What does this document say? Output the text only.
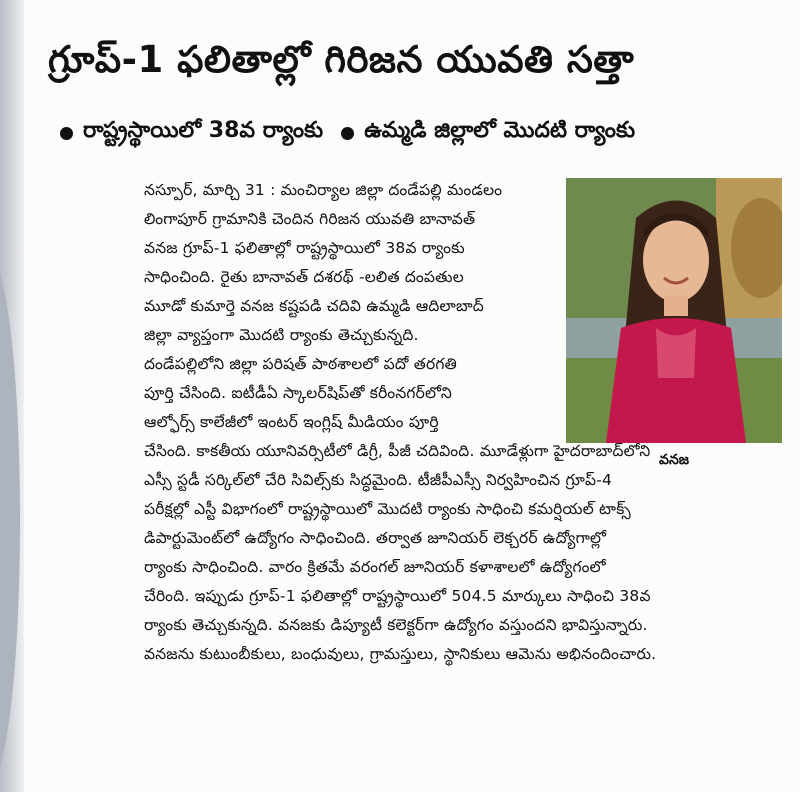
గ్రూప్-1 ఫలితాల్లో గిరిజన యువతి సత్తా
రాష్ట్రస్థాయిలో 38వ ర్యాంకు ఉమ్మడి జిల్లాలో మొదటి ర్యాంకు
వనజ
నస్పూర్, మార్చి 31 : మంచిర్యాల జిల్లా దండేపల్లి మండలం
లింగాపూర్ గ్రామానికి చెందిన గిరిజన యువతి బానావత్
వనజ గ్రూప్-1 ఫలితాల్లో రాష్ట్రస్థాయిలో 38వ ర్యాంకు
సాధించింది. రైతు బానావత్ దశరథ్ -లలిత దంపతుల
మూడో కుమార్తె వనజ కష్టపడి చదివి ఉమ్మడి ఆదిలాబాద్
జిల్లా వ్యాప్తంగా మొదటి ర్యాంకు తెచ్చుకున్నది.
దండేపల్లిలోని జిల్లా పరిషత్ పాఠశాలలో పదో తరగతి
పూర్తి చేసింది. ఐటీడీఏ స్కాలర్‌షిప్‌తో కరీంనగర్‌లోని
ఆల్ఫోర్స్ కాలేజీలో ఇంటర్ ఇంగ్లిష్ మీడియం పూర్తి
చేసింది. కాకతీయ యూనివర్సిటీలో డిగ్రీ, పీజీ చదివింది. మూడేళ్లుగా హైదరాబాద్‌లోని
ఎస్సీ స్టడీ సర్కిల్‌లో చేరి సివిల్స్‌కు సిద్ధమైంది. టీజీపీఎస్సీ నిర్వహించిన గ్రూప్-4
పరీక్షల్లో ఎస్టీ విభాగంలో రాష్ట్రస్థాయిలో మొదటి ర్యాంకు సాధించి కమర్షియల్ టాక్స్
డిపార్టుమెంట్‌లో ఉద్యోగం సాధించింది. తర్వాత జూనియర్ లెక్చరర్ ఉద్యోగాల్లో
ర్యాంకు సాధించింది. వారం క్రితమే వరంగల్ జూనియర్ కళాశాలలో ఉద్యోగంలో
చేరింది. ఇప్పుడు గ్రూప్-1 ఫలితాల్లో రాష్ట్రస్థాయిలో 504.5 మార్కులు సాధించి 38వ
ర్యాంకు తెచ్చుకున్నది. వనజకు డిప్యూటీ కలెక్టర్‌గా ఉద్యోగం వస్తుందని భావిస్తున్నారు.
వనజను కుటుంబీకులు, బంధువులు, గ్రామస్తులు, స్థానికులు ఆమెను అభినందించారు.
